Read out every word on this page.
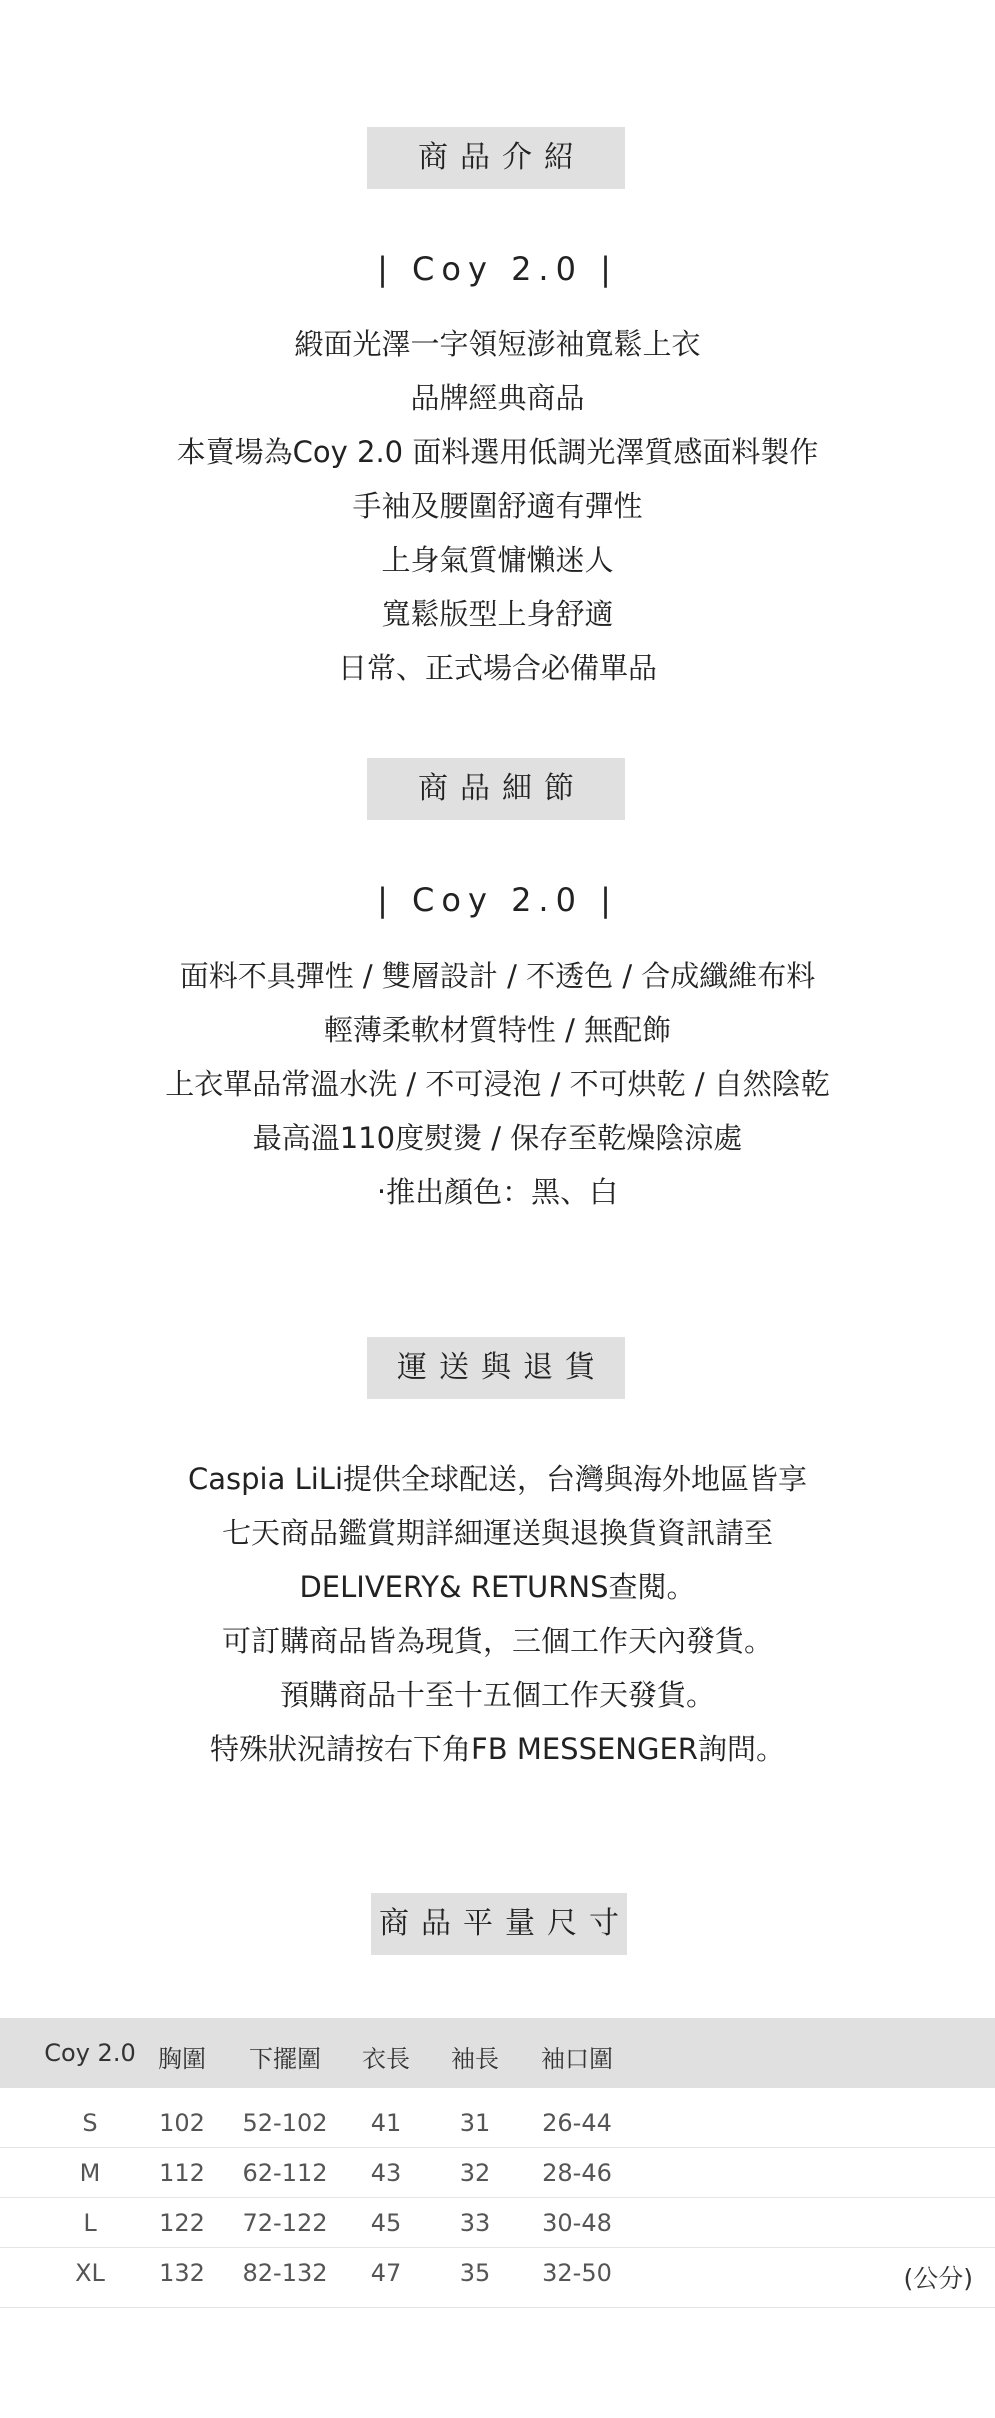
商品介紹
| Coy 2.0 |
緞面光澤一字領短澎袖寬鬆上衣
品牌經典商品
本賣場為Coy 2.0 面料選用低調光澤質感面料製作
手袖及腰圍舒適有彈性
上身氣質慵懶迷人
寬鬆版型上身舒適
日常、正式場合必備單品
商品細節
| Coy 2.0 |
面料不具彈性 / 雙層設計 / 不透色 / 合成纖維布料
輕薄柔軟材質特性 / 無配飾
上衣單品常溫水洗 / 不可浸泡 / 不可烘乾 / 自然陰乾
最高溫110度熨燙 / 保存至乾燥陰涼處
‧推出顏色：黑、白
運送與退貨
Caspia LiLi提供全球配送，台灣與海外地區皆享
七天商品鑑賞期詳細運送與退換貨資訊請至
DELIVERY& RETURNS查閱。
可訂購商品皆為現貨，三個工作天內發貨。
預購商品十至十五個工作天發貨。
特殊狀況請按右下角FB MESSENGER詢問。
商品平量尺寸
Coy 2.0 胸圍 下擺圍 衣長 袖長 袖口圍
S	102 52-102 41 31 26-44
M 112 62-112 43 32 28-46
L	122 72-122 45 33 30-48
XL 132 82-132 47 35 32-50	(公分)
